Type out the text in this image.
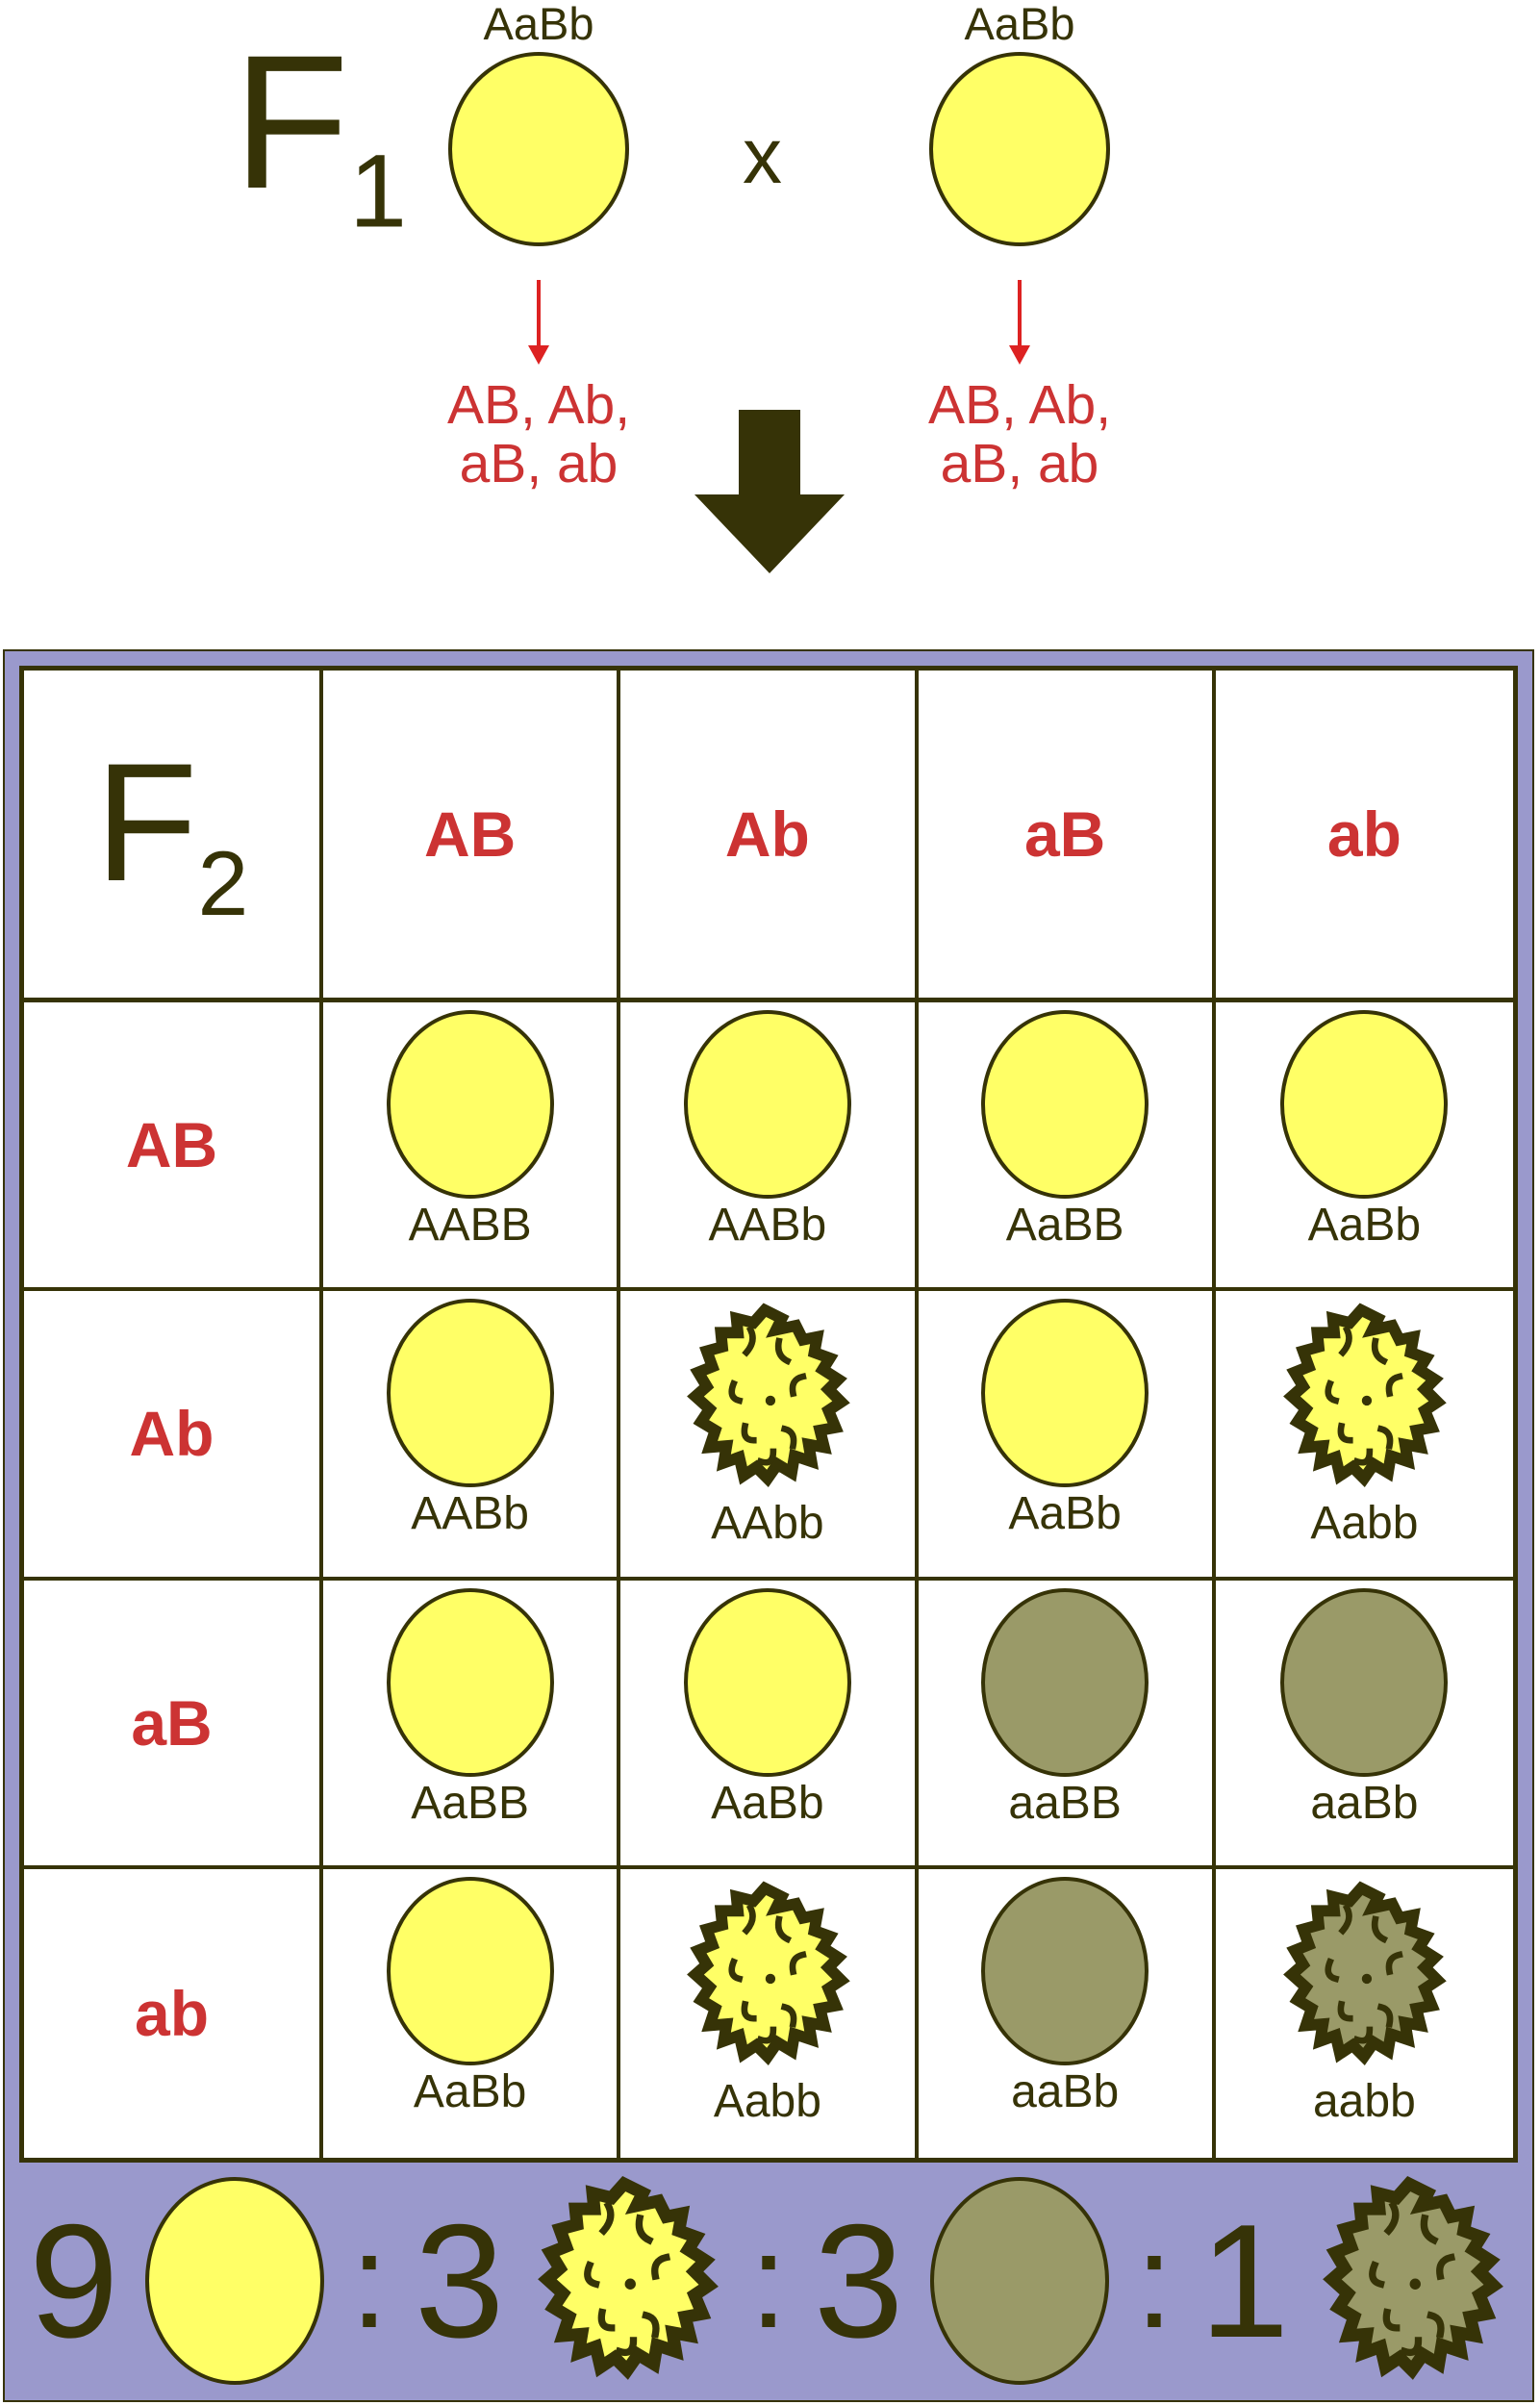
$F_1$
AaBb
AB, Ab,
aB, ab
x
AaBb
AB, Ab,
aB, ab
$F_2$	AB	Ab	aB	ab
AB
AABB	AABb	AaBB	AaBb
Ab
AABb	AAbb	AaBb	Aabb
aB
AaBB	AaBb	aaBB	aaBb
ab
AaBb	Aabb	aaBb	aabb
9 : 3 : 3 : 1
